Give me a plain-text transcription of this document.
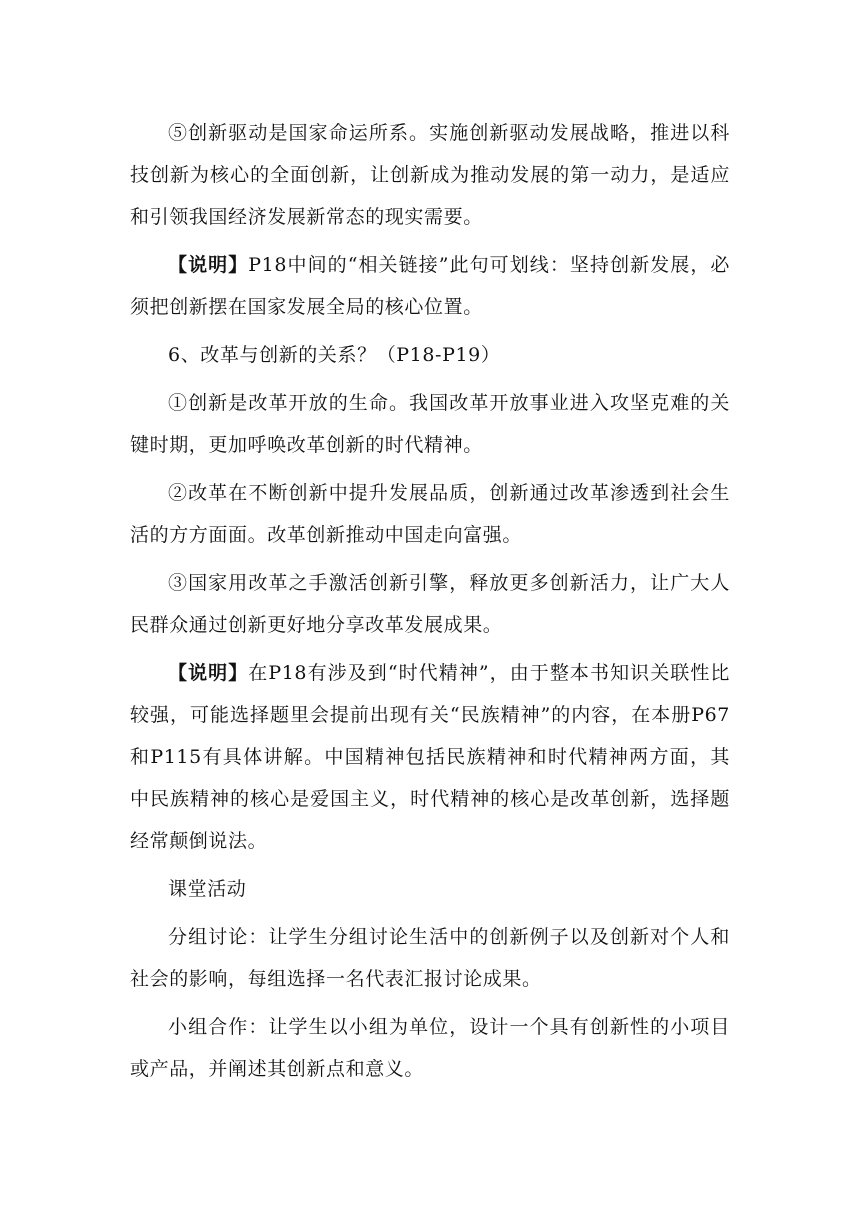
⑤创新驱动是国家命运所系。实施创新驱动发展战略，推进以科技创新为核心的全面创新，让创新成为推动发展的第一动力，是适应和引领我国经济发展新常态的现实需要。

【说明】P18中间的“相关链接”此句可划线：坚持创新发展，必须把创新摆在国家发展全局的核心位置。

6、改革与创新的关系？（P18-P19）

①创新是改革开放的生命。我国改革开放事业进入攻坚克难的关键时期，更加呼唤改革创新的时代精神。

②改革在不断创新中提升发展品质，创新通过改革渗透到社会生活的方方面面。改革创新推动中国走向富强。

③国家用改革之手激活创新引擎，释放更多创新活力，让广大人民群众通过创新更好地分享改革发展成果。

【说明】在P18有涉及到“时代精神”，由于整本书知识关联性比较强，可能选择题里会提前出现有关“民族精神”的内容，在本册P67和P115有具体讲解。中国精神包括民族精神和时代精神两方面，其中民族精神的核心是爱国主义，时代精神的核心是改革创新，选择题经常颠倒说法。

课堂活动

分组讨论：让学生分组讨论生活中的创新例子以及创新对个人和社会的影响，每组选择一名代表汇报讨论成果。

小组合作：让学生以小组为单位，设计一个具有创新性的小项目或产品，并阐述其创新点和意义。
